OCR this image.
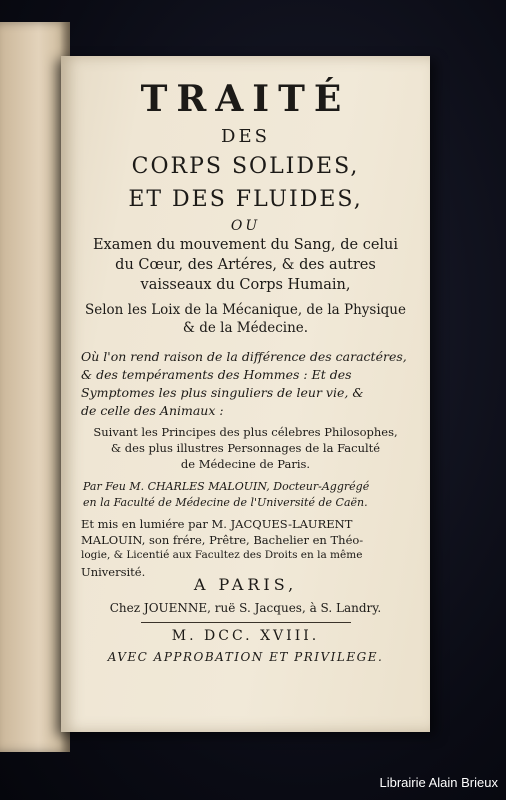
TRAITÉ
DES
CORPS SOLIDES,
ET DES FLUIDES,
OU
Examen du mouvement du Sang, de celui
du Cœur, des Artéres, & des autres
vaisseaux du Corps Humain,
Selon les Loix de la Mécanique, de la Physique
& de la Médecine.
Où l'on rend raison de la différence des caractéres,
& des tempéraments des Hommes : Et des
Symptomes les plus singuliers de leur vie, &
de celle des Animaux :
Suivant les Principes des plus célebres Philosophes,
& des plus illustres Personnages de la Faculté
de Médecine de Paris.
Par Feu M. CHARLES MALOUIN, Docteur-Aggrégé
en la Faculté de Médecine de l'Université de Caën.
Et mis en lumiére par M. JACQUES-LAURENT
MALOUIN, son frére, Prêtre, Bachelier en Théo-
logie, & Licentié aux Facultez des Droits en la même
Université.
A PARIS,
Chez JOUENNE, ruë S. Jacques, à S. Landry.
M. DCC. XVIII.
AVEC APPROBATION ET PRIVILEGE.
Librairie Alain Brieux
